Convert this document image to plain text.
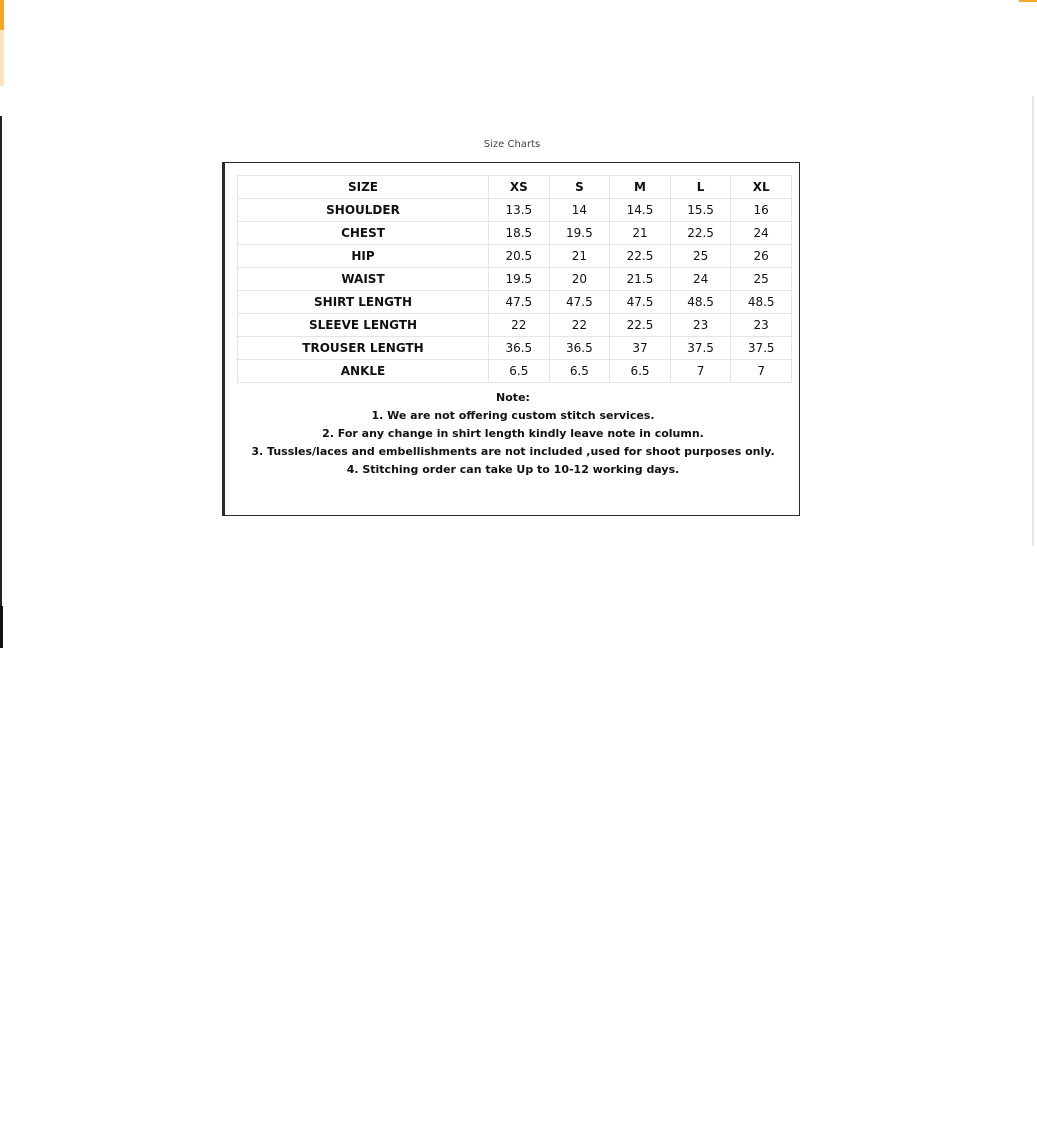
Size Charts
SIZE	XS	S	M	L	XL
SHOULDER	13.5	14	14.5	15.5	16
CHEST	18.5	19.5	21	22.5	24
HIP	20.5	21	22.5	25	26
WAIST	19.5	20	21.5	24	25
SHIRT LENGTH	47.5	47.5	47.5	48.5	48.5
SLEEVE LENGTH	22	22	22.5	23	23
TROUSER LENGTH	36.5	36.5	37	37.5	37.5
ANKLE	6.5	6.5	6.5	7	7
Note:
1. We are not offering custom stitch services.
2. For any change in shirt length kindly leave note in column.
3. Tussles/laces and embellishments are not included ,used for shoot purposes only.
4. Stitching order can take Up to 10-12 working days.
